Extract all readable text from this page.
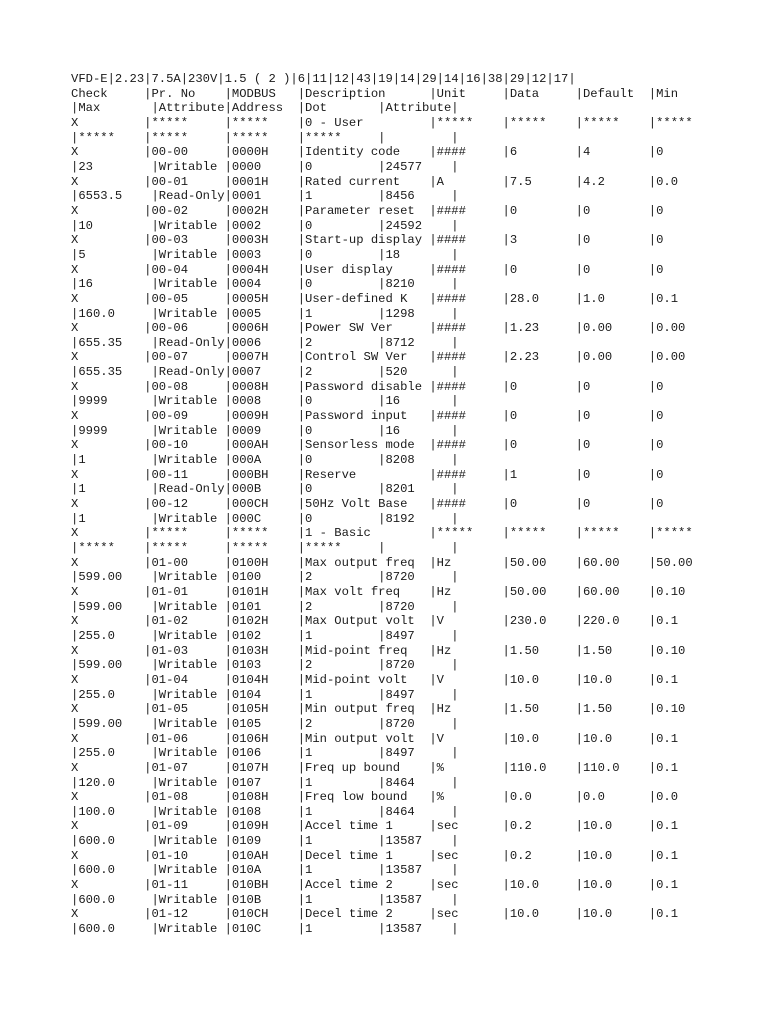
VFD-E|2.23|7.5A|230V|1.5 ( 2 )|6|11|12|43|19|14|29|14|16|38|29|12|17|
Check     |Pr. No    |MODBUS   |Description      |Unit     |Data     |Default  |Min
|Max       |Attribute|Address  |Dot       |Attribute|
X         |*****     |*****    |0 - User         |*****    |*****    |*****    |*****
|*****    |*****     |*****    |*****     |         |
X         |00-00     |0000H    |Identity code    |####     |6        |4        |0
|23        |Writable |0000     |0         |24577    |
X         |00-01     |0001H    |Rated current    |A        |7.5      |4.2      |0.0
|6553.5    |Read-Only|0001     |1         |8456     |
X         |00-02     |0002H    |Parameter reset  |####     |0        |0        |0
|10        |Writable |0002     |0         |24592    |
X         |00-03     |0003H    |Start-up display |####     |3        |0        |0
|5         |Writable |0003     |0         |18       |
X         |00-04     |0004H    |User display     |####     |0        |0        |0
|16        |Writable |0004     |0         |8210     |
X         |00-05     |0005H    |User-defined K   |####     |28.0     |1.0      |0.1
|160.0     |Writable |0005     |1         |1298     |
X         |00-06     |0006H    |Power SW Ver     |####     |1.23     |0.00     |0.00
|655.35    |Read-Only|0006     |2         |8712     |
X         |00-07     |0007H    |Control SW Ver   |####     |2.23     |0.00     |0.00
|655.35    |Read-Only|0007     |2         |520      |
X         |00-08     |0008H    |Password disable |####     |0        |0        |0
|9999      |Writable |0008     |0         |16       |
X         |00-09     |0009H    |Password input   |####     |0        |0        |0
|9999      |Writable |0009     |0         |16       |
X         |00-10     |000AH    |Sensorless mode  |####     |0        |0        |0
|1         |Writable |000A     |0         |8208     |
X         |00-11     |000BH    |Reserve          |####     |1        |0        |0
|1         |Read-Only|000B     |0         |8201     |
X         |00-12     |000CH    |50Hz Volt Base   |####     |0        |0        |0
|1         |Writable |000C     |0         |8192     |
X         |*****     |*****    |1 - Basic        |*****    |*****    |*****    |*****
|*****    |*****     |*****    |*****     |         |
X         |01-00     |0100H    |Max output freq  |Hz       |50.00    |60.00    |50.00
|599.00    |Writable |0100     |2         |8720     |
X         |01-01     |0101H    |Max volt freq    |Hz       |50.00    |60.00    |0.10
|599.00    |Writable |0101     |2         |8720     |
X         |01-02     |0102H    |Max Output volt  |V        |230.0    |220.0    |0.1
|255.0     |Writable |0102     |1         |8497     |
X         |01-03     |0103H    |Mid-point freq   |Hz       |1.50     |1.50     |0.10
|599.00    |Writable |0103     |2         |8720     |
X         |01-04     |0104H    |Mid-point volt   |V        |10.0     |10.0     |0.1
|255.0     |Writable |0104     |1         |8497     |
X         |01-05     |0105H    |Min output freq  |Hz       |1.50     |1.50     |0.10
|599.00    |Writable |0105     |2         |8720     |
X         |01-06     |0106H    |Min output volt  |V        |10.0     |10.0     |0.1
|255.0     |Writable |0106     |1         |8497     |
X         |01-07     |0107H    |Freq up bound    |%        |110.0    |110.0    |0.1
|120.0     |Writable |0107     |1         |8464     |
X         |01-08     |0108H    |Freq low bound   |%        |0.0      |0.0      |0.0
|100.0     |Writable |0108     |1         |8464     |
X         |01-09     |0109H    |Accel time 1     |sec      |0.2      |10.0     |0.1
|600.0     |Writable |0109     |1         |13587    |
X         |01-10     |010AH    |Decel time 1     |sec      |0.2      |10.0     |0.1
|600.0     |Writable |010A     |1         |13587    |
X         |01-11     |010BH    |Accel time 2     |sec      |10.0     |10.0     |0.1
|600.0     |Writable |010B     |1         |13587    |
X         |01-12     |010CH    |Decel time 2     |sec      |10.0     |10.0     |0.1
|600.0     |Writable |010C     |1         |13587    |
